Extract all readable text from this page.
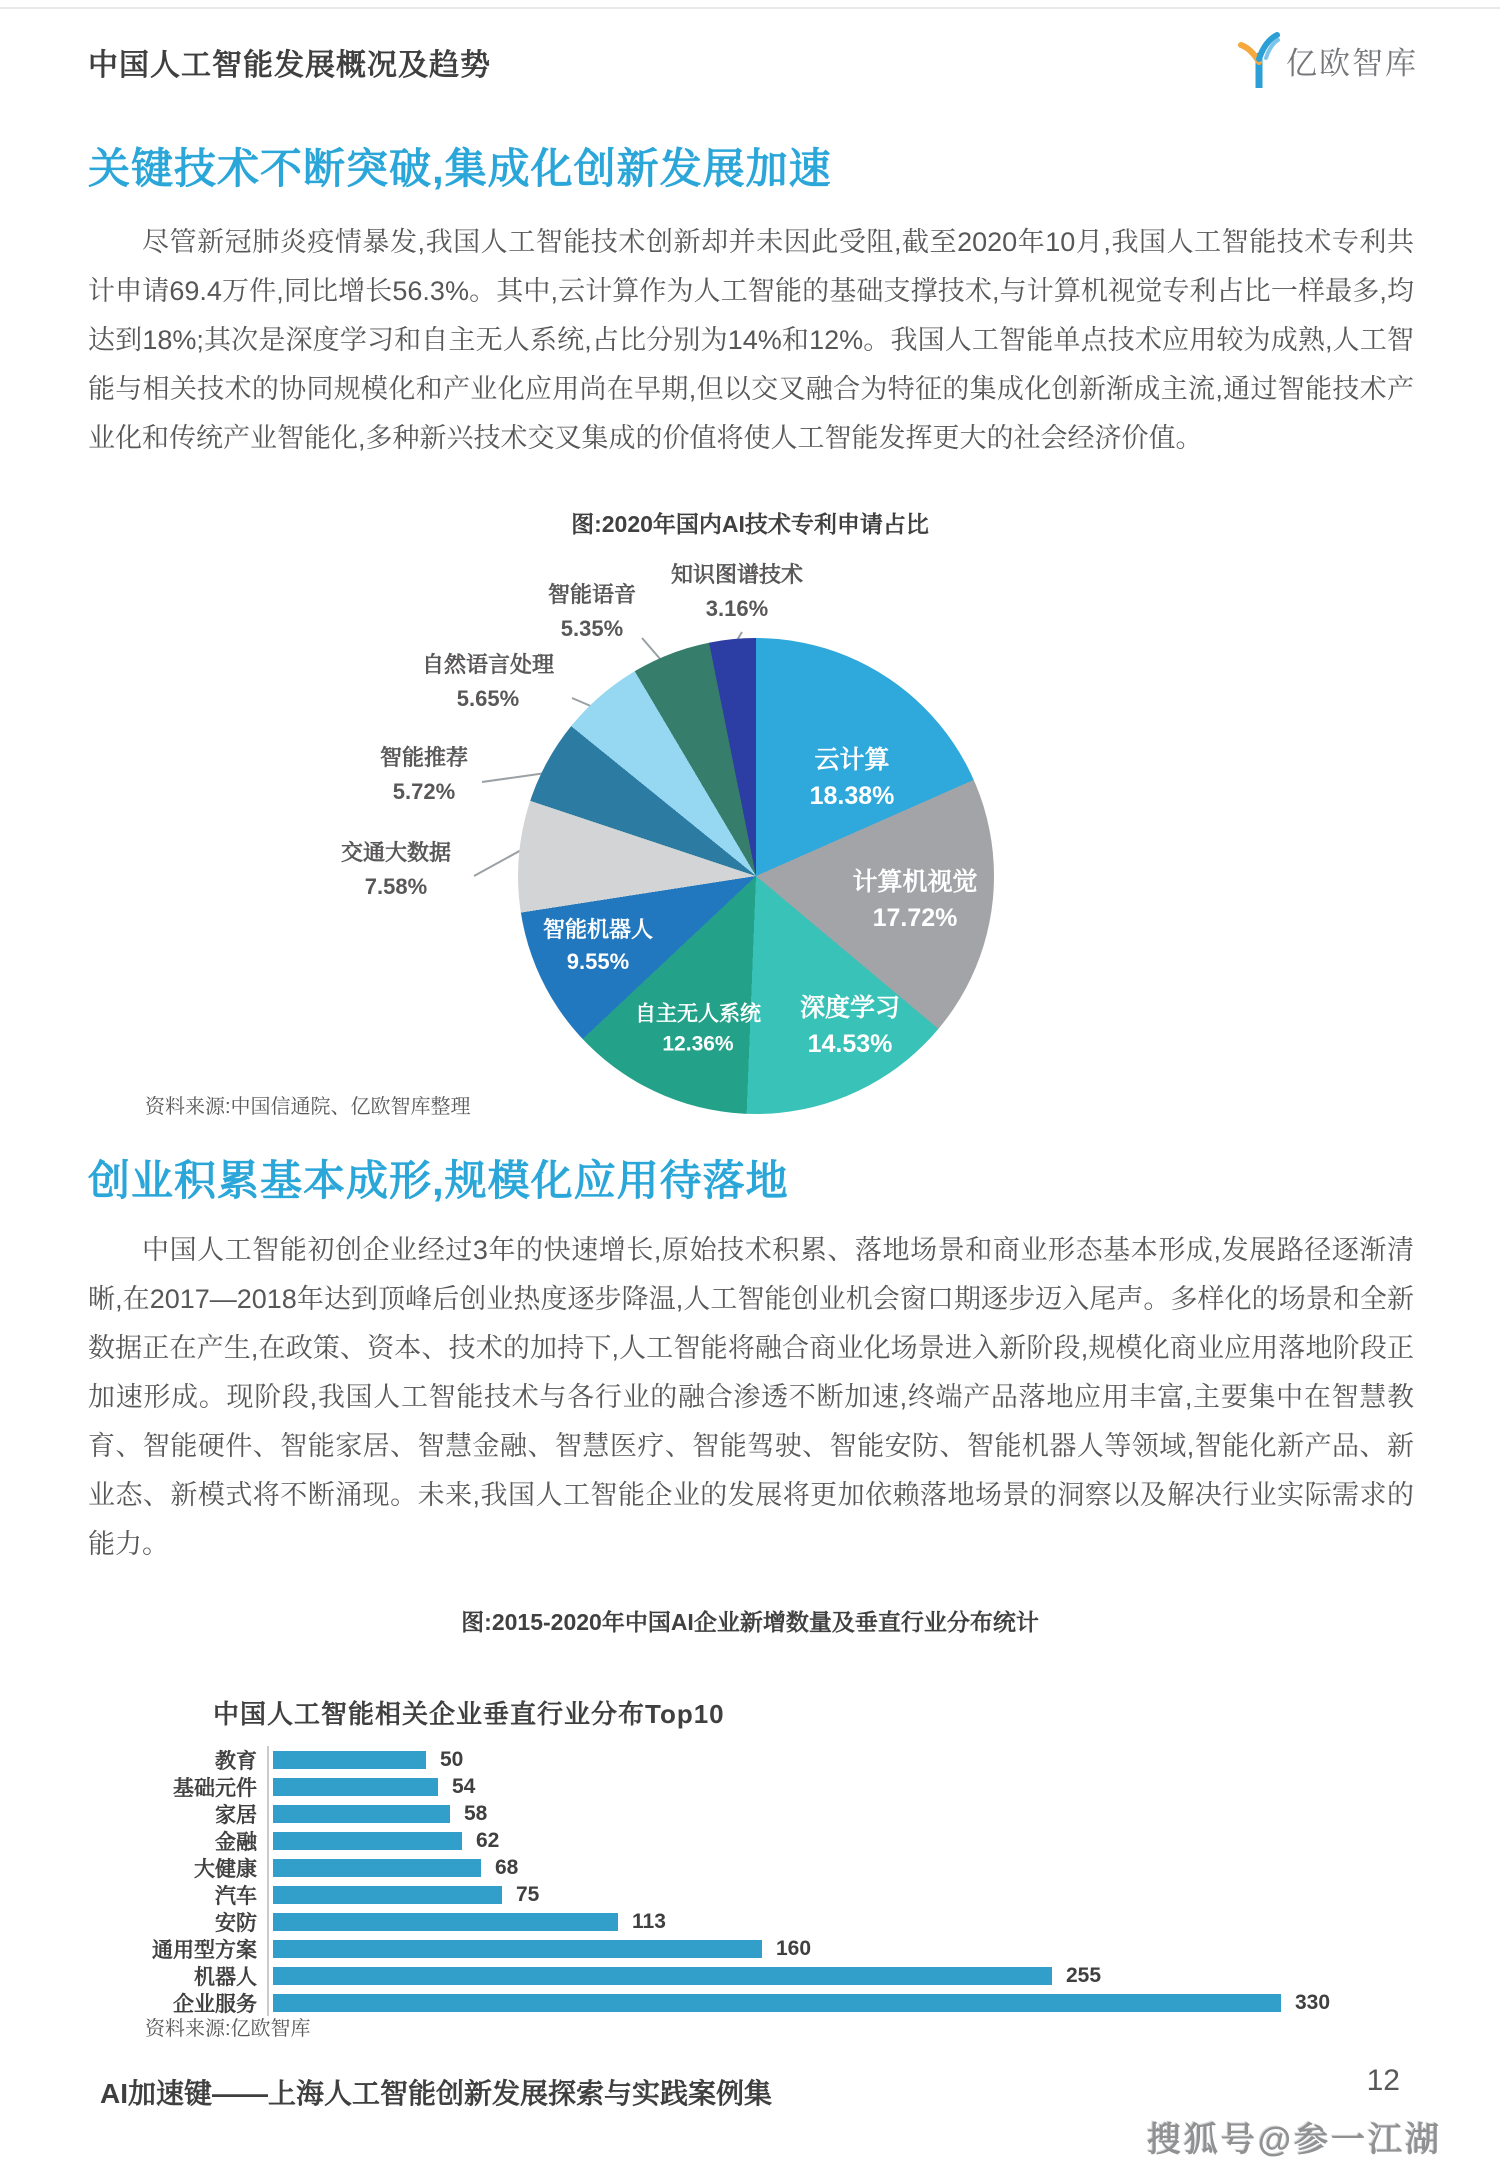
中国人工智能发展概况及趋势	亿欧智库
关键技术不断突破,集成化创新发展加速
尽管新冠肺炎疫情暴发,我国人工智能技术创新却并未因此受阻,截至2020年10月,我国人工智能技术专利共计申请69.4万件,同比增长56.3%。其中,云计算作为人工智能的基础支撑技术,与计算机视觉专利占比一样最多,均达到18%;其次是深度学习和自主无人系统,占比分别为14%和12%。我国人工智能单点技术应用较为成熟,人工智能与相关技术的协同规模化和产业化应用尚在早期,但以交叉融合为特征的集成化创新渐成主流,通过智能技术产业化和传统产业智能化,多种新兴技术交叉集成的价值将使人工智能发挥更大的社会经济价值。
图:2020年国内AI技术专利申请占比
云计算
18.38%
计算机视觉
17.72%
深度学习
14.53%
自主无人系统
12.36%
智能机器人
9.55%
交通大数据
7.58%
智能推荐
5.72%
自然语言处理
5.65%
智能语音
5.35%
知识图谱技术
3.16%
资料来源:中国信通院、亿欧智库整理
创业积累基本成形,规模化应用待落地
中国人工智能初创企业经过3年的快速增长,原始技术积累、落地场景和商业形态基本形成,发展路径逐渐清晰,在2017—2018年达到顶峰后创业热度逐步降温,人工智能创业机会窗口期逐步迈入尾声。多样化的场景和全新数据正在产生,在政策、资本、技术的加持下,人工智能将融合商业化场景进入新阶段,规模化商业应用落地阶段正加速形成。现阶段,我国人工智能技术与各行业的融合渗透不断加速,终端产品落地应用丰富,主要集中在智慧教育、智能硬件、智能家居、智慧金融、智慧医疗、智能驾驶、智能安防、智能机器人等领域,智能化新产品、新业态、新模式将不断涌现。未来,我国人工智能企业的发展将更加依赖落地场景的洞察以及解决行业实际需求的能力。
图:2015-2020年中国AI企业新增数量及垂直行业分布统计
中国人工智能相关企业垂直行业分布Top10
教育	50
基础元件	54
家居	58
金融	62
大健康	68
汽车	75
安防	113
通用型方案	160
机器人	255
企业服务	330
资料来源:亿欧智库
AI加速键——上海人工智能创新发展探索与实践案例集	12
搜狐号@参一江湖
